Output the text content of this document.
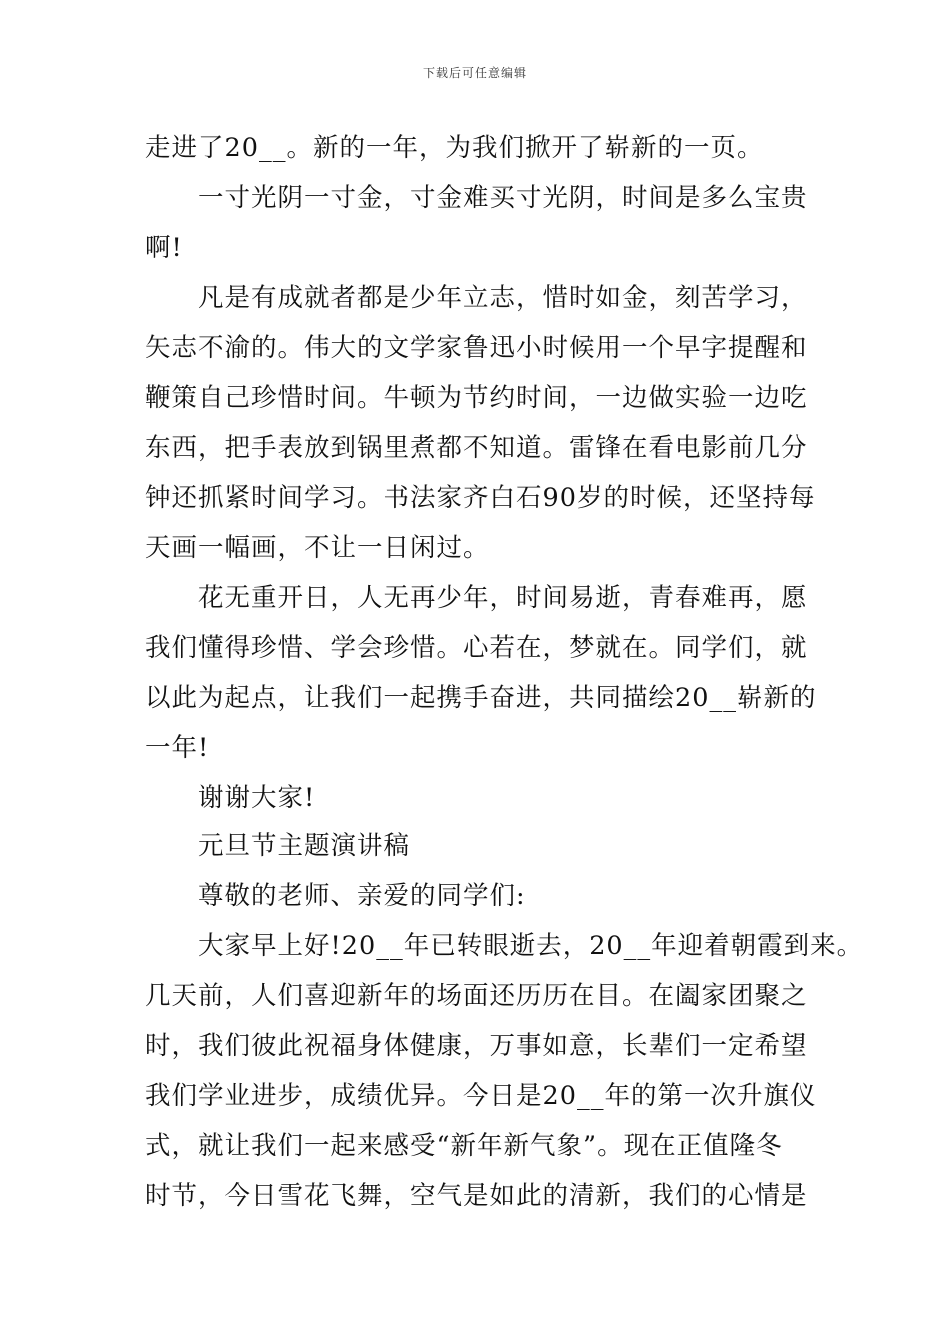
下载后可任意编辑
走进了20__。新的一年，为我们掀开了崭新的一页。
　　一寸光阴一寸金，寸金难买寸光阴，时间是多么宝贵
啊!
　　凡是有成就者都是少年立志，惜时如金，刻苦学习，
矢志不渝的。伟大的文学家鲁迅小时候用一个早字提醒和
鞭策自己珍惜时间。牛顿为节约时间，一边做实验一边吃
东西，把手表放到锅里煮都不知道。雷锋在看电影前几分
钟还抓紧时间学习。书法家齐白石90岁的时候，还坚持每
天画一幅画，不让一日闲过。
　　花无重开日，人无再少年，时间易逝，青春难再，愿
我们懂得珍惜、学会珍惜。心若在，梦就在。同学们，就
以此为起点，让我们一起携手奋进，共同描绘20__崭新的
一年!
　　谢谢大家!
　　元旦节主题演讲稿
　　尊敬的老师、亲爱的同学们:
　　大家早上好!20__年已转眼逝去，20__年迎着朝霞到来。
几天前，人们喜迎新年的场面还历历在目。在阖家团聚之
时，我们彼此祝福身体健康，万事如意，长辈们一定希望
我们学业进步，成绩优异。今日是20__年的第一次升旗仪
式，就让我们一起来感受“新年新气象”。现在正值隆冬
时节，今日雪花飞舞，空气是如此的清新，我们的心情是
